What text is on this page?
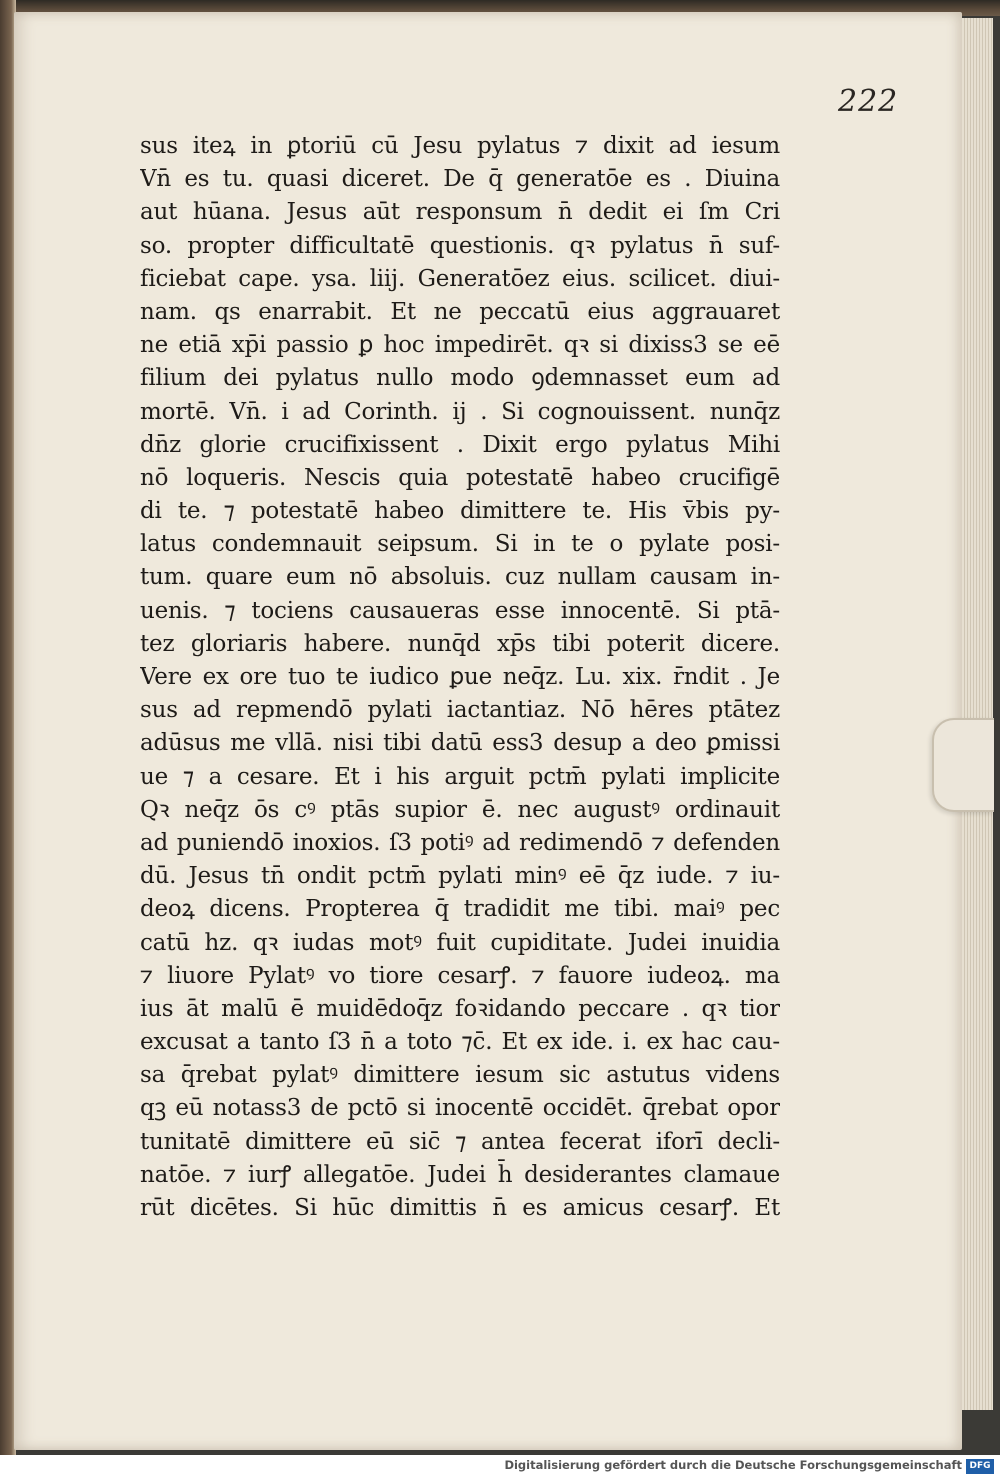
222

sus iteꝝ in ꝑtoriū cū Jesu pylatus ⁊ dixit ad iesum
Vn̄ es tu. quasi diceret. De q̄ generatōe es . Diuina
aut hūana. Jesus aūt responsum n̄ dedit ei ſm Cri
so. propter difficultatē questionis. qꝛ pylatus n̄ suf-
ficiebat cape. ysa. liij. Generatōez eius. scilicet. diui-
nam. qs enarrabit. Et ne peccatū eius aggrauaret
ne etiā xp̄i passio ꝑ hoc impedirēt. qꝛ si dixiss3 se eē
filium dei pylatus nullo modo ꝯdemnasset eum ad
mortē. Vn̄. i ad Corinth. ij . Si cognouissent. nunq̄z
dn̄z glorie crucifixissent . Dixit ergo pylatus Mihi
nō loqueris. Nescis quia potestatē habeo crucifigē
di te. ⁊ potestatē habeo dimittere te. His v̄bis py-
latus condemnauit seipsum. Si in te o pylate posi-
tum. quare eum nō absoluis. cuz nullam causam in-
uenis. ⁊ tociens causaueras esse innocentē. Si ptā-
tez gloriaris habere. nunq̄d xp̄s tibi poterit dicere.
Vere ex ore tuo te iudico ꝑue neq̄z. Lu. xix. r̄ndit . Je
sus ad repmendō pylati iactantiaz. Nō hēres ptātez
adūsus me vllā. nisi tibi datū ess3 desup a deo ꝑmissi
ue ⁊ a cesare. Et i his arguit pctm̄ pylati implicite
Qꝛ neq̄z ōs cꝰ ptās supior ē. nec augustꝰ ordinauit
ad puniendō inoxios. ſ3 potiꝰ ad redimendō ⁊ defenden
dū. Jesus tn̄ ondit pctm̄ pylati minꝰ eē q̄z iude. ⁊ iu-
deoꝝ dicens. Propterea q̄ tradidit me tibi. maiꝰ pec
catū hz. qꝛ iudas motꝰ fuit cupiditate. Judei inuidia
⁊ liuore Pylatꝰ vo tiore cesarꝭ. ⁊ fauore iudeoꝝ. ma
ius āt malū ē muidēdoq̄z foꝛidando peccare . qꝛ tior
excusat a tanto ſ3 n̄ a toto ⁊c̄. Et ex ide. i. ex hac cau-
sa q̄rebat pylatꝰ dimittere iesum sic astutus videns
qꝫ eū notass3 de pctō si inocentē occidēt. q̄rebat opor
tunitatē dimittere eū sic̄ ⁊ antea fecerat iforī decli-
natōe. ⁊ iurꝭ allegatōe. Judei h̄ desiderantes clamaue
rūt dicētes. Si hūc dimittis n̄ es amicus cesarꝭ. Et

Digitalisierung gefördert durch die Deutsche Forschungsgemeinschaft DFG
